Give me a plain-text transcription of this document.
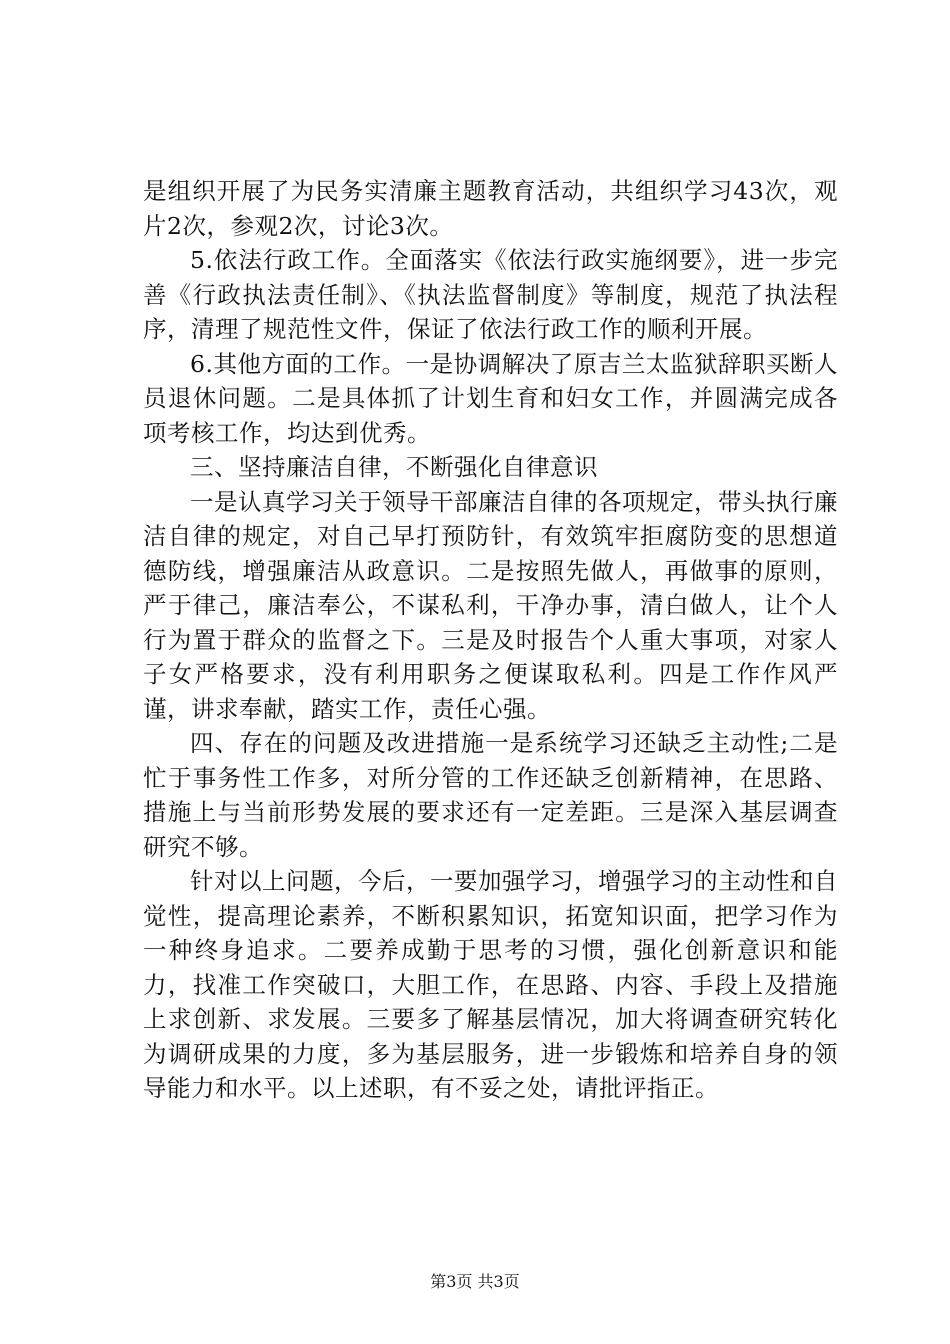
是组织开展了为民务实清廉主题教育活动，共组织学习43次，观片2次，参观2次，讨论3次。

5.依法行政工作。全面落实《依法行政实施纲要》，进一步完善《行政执法责任制》、《执法监督制度》等制度，规范了执法程序，清理了规范性文件，保证了依法行政工作的顺利开展。

6.其他方面的工作。一是协调解决了原吉兰太监狱辞职买断人员退休问题。二是具体抓了计划生育和妇女工作，并圆满完成各项考核工作，均达到优秀。

三、坚持廉洁自律，不断强化自律意识

一是认真学习关于领导干部廉洁自律的各项规定，带头执行廉洁自律的规定，对自己早打预防针，有效筑牢拒腐防变的思想道德防线，增强廉洁从政意识。二是按照先做人，再做事的原则，严于律己，廉洁奉公，不谋私利，干净办事，清白做人，让个人行为置于群众的监督之下。三是及时报告个人重大事项，对家人子女严格要求，没有利用职务之便谋取私利。四是工作作风严谨，讲求奉献，踏实工作，责任心强。

四、存在的问题及改进措施一是系统学习还缺乏主动性;二是忙于事务性工作多，对所分管的工作还缺乏创新精神，在思路、措施上与当前形势发展的要求还有一定差距。三是深入基层调查研究不够。

针对以上问题，今后，一要加强学习，增强学习的主动性和自觉性，提高理论素养，不断积累知识，拓宽知识面，把学习作为一种终身追求。二要养成勤于思考的习惯，强化创新意识和能力，找准工作突破口，大胆工作，在思路、内容、手段上及措施上求创新、求发展。三要多了解基层情况，加大将调查研究转化为调研成果的力度，多为基层服务，进一步锻炼和培养自身的领导能力和水平。以上述职，有不妥之处，请批评指正。

第3页 共3页
